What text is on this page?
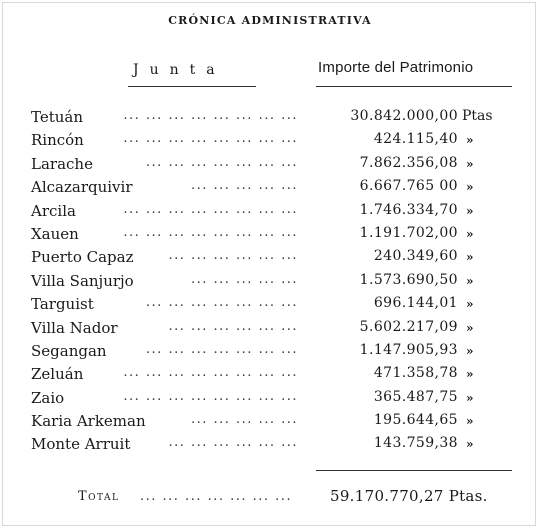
CRÓNICA ADMINISTRATIVA
Junta	Importe del Patrimonio
Tetuán	... ... ... ... ... ... ... ...	30.842.000,00 Ptas
Rincón	... ... ... ... ... ... ... ...	424.115,40 »
Larache	... ... ... ... ... ... ...	7.862.356,08 »
Alcazarquivir	... ... ... ... ...	6.667.765 00 »
Arcila	... ... ... ... ... ... ... ...	1.746.334,70 »
Xauen	... ... ... ... ... ... ... ...	1.191.702,00 »
Puerto Capaz	... ... ... ... ... ...	240.349,60 »
Villa Sanjurjo	... ... ... ... ...	1.573.690,50 »
Targuist	... ... ... ... ... ... ...	696.144,01 »
Villa Nador	... ... ... ... ... ...	5.602.217,09 »
Segangan	... ... ... ... ... ... ...	1.147.905,93 »
Zeluán	... ... ... ... ... ... ... ...	471.358,78 »
Zaio	... ... ... ... ... ... ... ...	365.487,75 »
Karia Arkeman	... ... ... ... ...	195.644,65 »
Monte Arruit	... ... ... ... ... ...	143.759,38 »
Total ... ... ... ... ... ... ...	59.170.770,27 Ptas.
